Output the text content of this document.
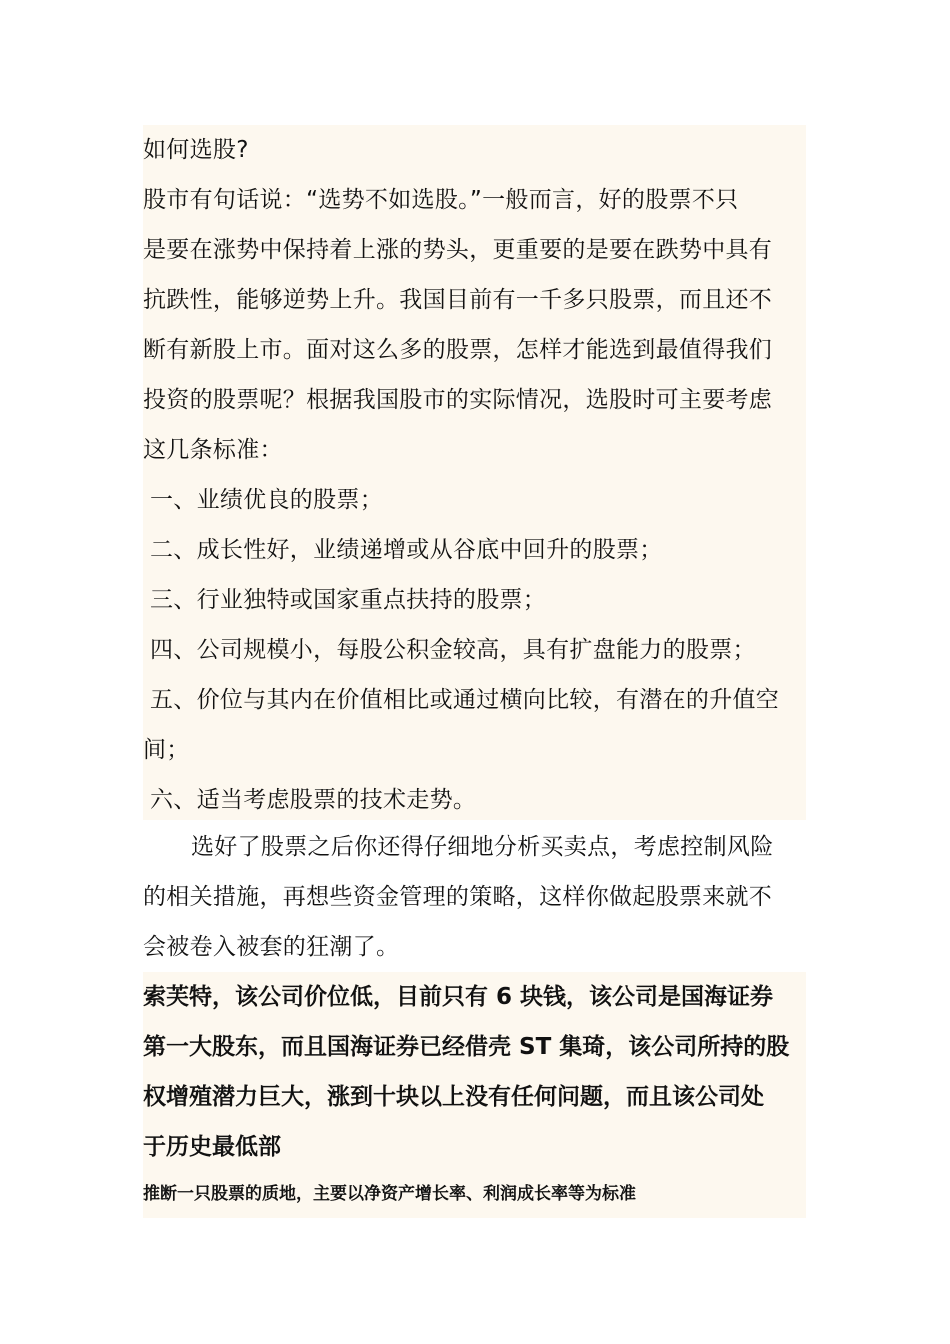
如何选股?
股市有句话说：“选势不如选股。”一般而言，好的股票不只
是要在涨势中保持着上涨的势头，更重要的是要在跌势中具有
抗跌性，能够逆势上升。我国目前有一千多只股票，而且还不
断有新股上市。面对这么多的股票，怎样才能选到最值得我们
投资的股票呢？根据我国股市的实际情况，选股时可主要考虑
这几条标准：
一、业绩优良的股票；
二、成长性好，业绩递增或从谷底中回升的股票；
三、行业独特或国家重点扶持的股票；
四、公司规模小，每股公积金较高，具有扩盘能力的股票；
五、价位与其内在价值相比或通过横向比较，有潜在的升值空
间；
六、适当考虑股票的技术走势。
选好了股票之后你还得仔细地分析买卖点，考虑控制风险
的相关措施，再想些资金管理的策略，这样你做起股票来就不
会被卷入被套的狂潮了。
索芙特，该公司价位低，目前只有 6 块钱，该公司是国海证券
第一大股东，而且国海证券已经借壳 ST 集琦，该公司所持的股
权增殖潜力巨大，涨到十块以上没有任何问题，而且该公司处
于历史最低部
推断一只股票的质地，主要以净资产增长率、利润成长率等为标准
